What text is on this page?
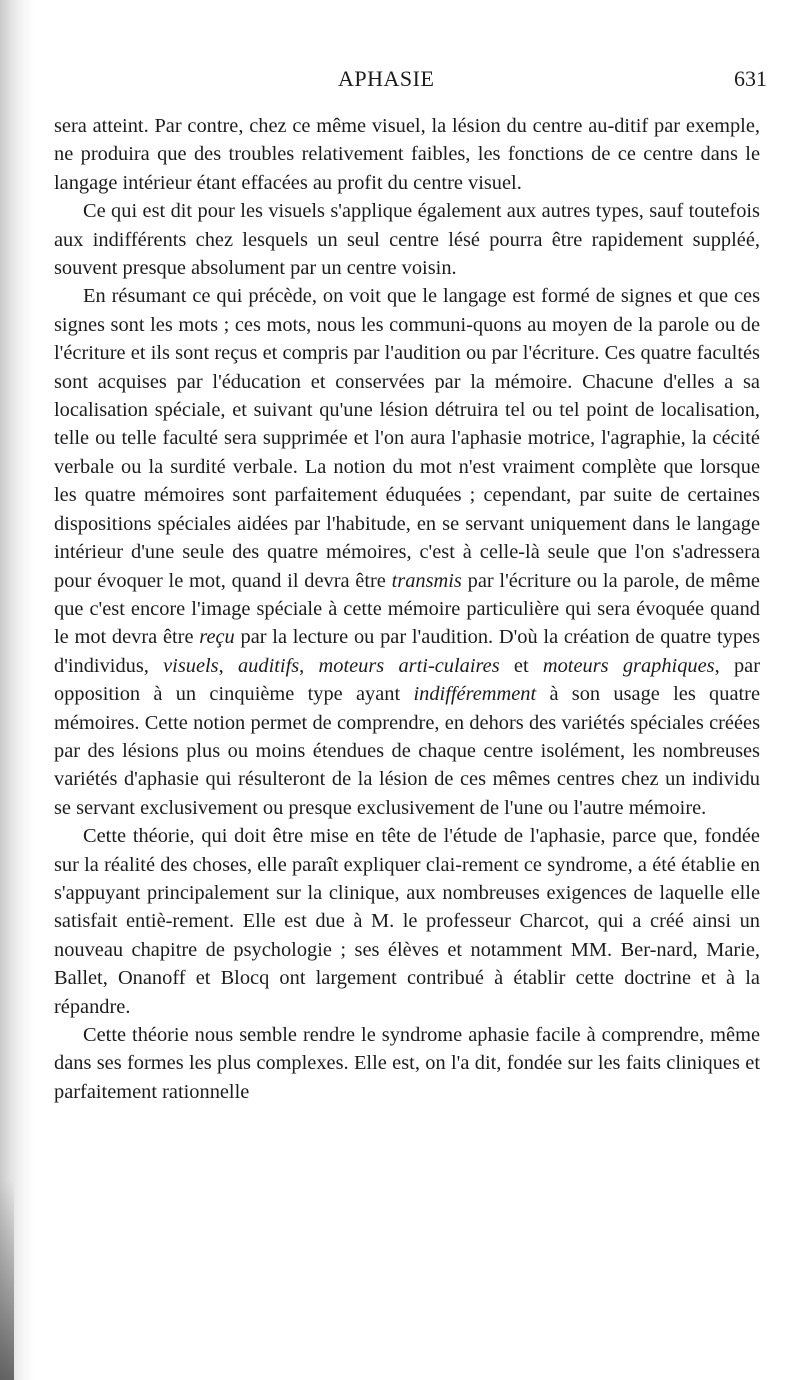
APHASIE	631

sera atteint. Par contre, chez ce même visuel, la lésion du centre au-ditif par exemple, ne produira que des troubles relativement faibles, les fonctions de ce centre dans le langage intérieur étant effacées au profit du centre visuel.

Ce qui est dit pour les visuels s'applique également aux autres types, sauf toutefois aux indifférents chez lesquels un seul centre lésé pourra être rapidement suppléé, souvent presque absolument par un centre voisin.

En résumant ce qui précède, on voit que le langage est formé de signes et que ces signes sont les mots ; ces mots, nous les communi-quons au moyen de la parole ou de l'écriture et ils sont reçus et compris par l'audition ou par l'écriture. Ces quatre facultés sont acquises par l'éducation et conservées par la mémoire. Chacune d'elles a sa localisation spéciale, et suivant qu'une lésion détruira tel ou tel point de localisation, telle ou telle faculté sera supprimée et l'on aura l'aphasie motrice, l'agraphie, la cécité verbale ou la surdité verbale. La notion du mot n'est vraiment complète que lorsque les quatre mémoires sont parfaitement éduquées ; cependant, par suite de certaines dispositions spéciales aidées par l'habitude, en se servant uniquement dans le langage intérieur d'une seule des quatre mémoires, c'est à celle-là seule que l'on s'adressera pour évoquer le mot, quand il devra être transmis par l'écriture ou la parole, de même que c'est encore l'image spéciale à cette mémoire particulière qui sera évoquée quand le mot devra être reçu par la lecture ou par l'audition. D'où la création de quatre types d'individus, visuels, auditifs, moteurs arti-culaires et moteurs graphiques, par opposition à un cinquième type ayant indifféremment à son usage les quatre mémoires. Cette notion permet de comprendre, en dehors des variétés spéciales créées par des lésions plus ou moins étendues de chaque centre isolément, les nombreuses variétés d'aphasie qui résulteront de la lésion de ces mêmes centres chez un individu se servant exclusivement ou presque exclusivement de l'une ou l'autre mémoire.

Cette théorie, qui doit être mise en tête de l'étude de l'aphasie, parce que, fondée sur la réalité des choses, elle paraît expliquer clai-rement ce syndrome, a été établie en s'appuyant principalement sur la clinique, aux nombreuses exigences de laquelle elle satisfait entiè-rement. Elle est due à M. le professeur Charcot, qui a créé ainsi un nouveau chapitre de psychologie ; ses élèves et notamment MM. Ber-nard, Marie, Ballet, Onanoff et Blocq ont largement contribué à établir cette doctrine et à la répandre.

Cette théorie nous semble rendre le syndrome aphasie facile à comprendre, même dans ses formes les plus complexes. Elle est, on l'a dit, fondée sur les faits cliniques et parfaitement rationnelle
